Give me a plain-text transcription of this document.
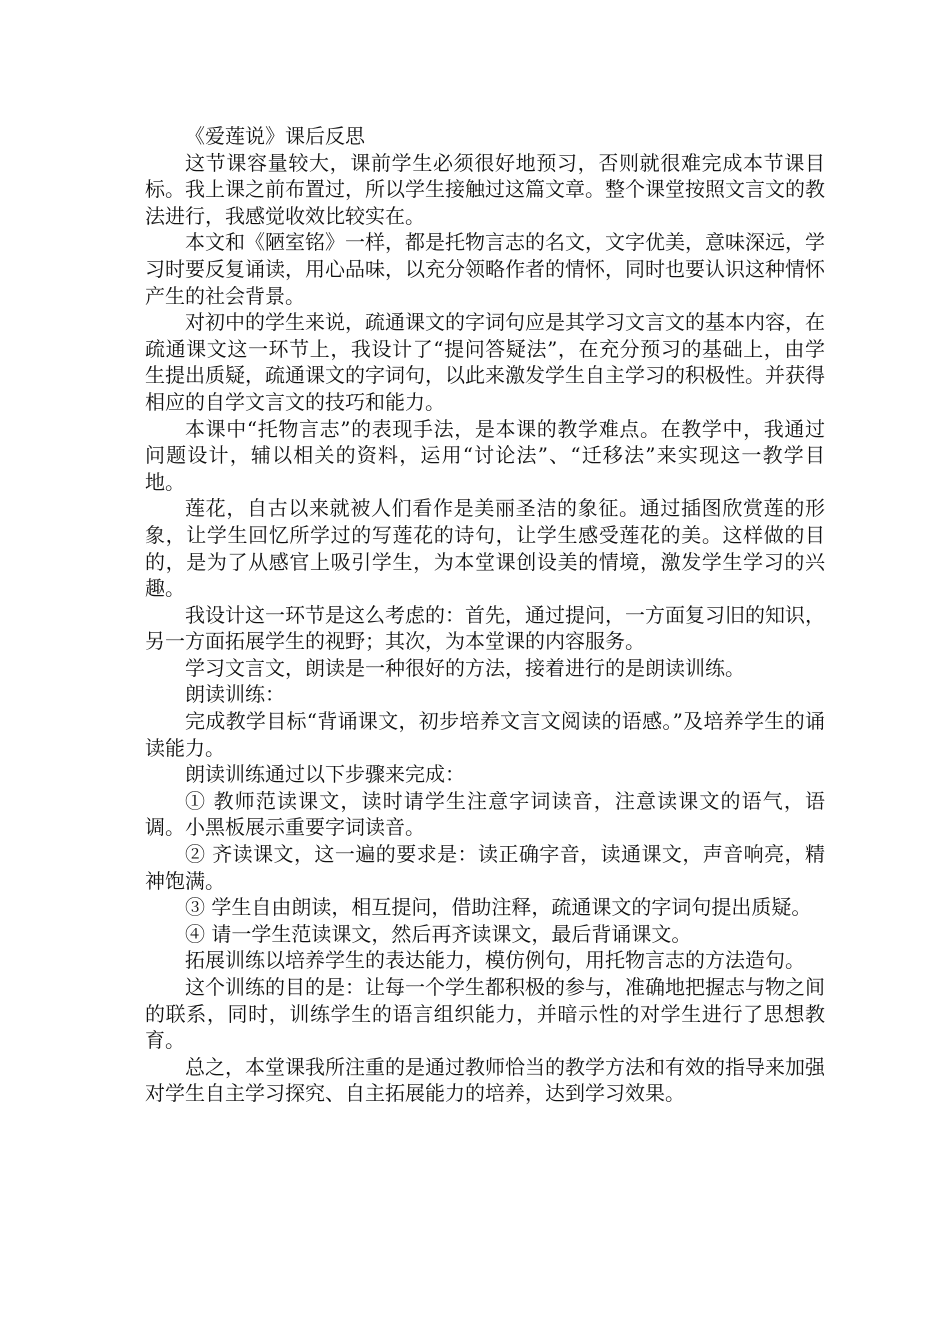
《爱莲说》课后反思

这节课容量较大，课前学生必须很好地预习，否则就很难完成本节课目标。我上课之前布置过，所以学生接触过这篇文章。整个课堂按照文言文的教法进行，我感觉收效比较实在。

本文和《陋室铭》一样，都是托物言志的名文，文字优美，意味深远，学习时要反复诵读，用心品味，以充分领略作者的情怀，同时也要认识这种情怀产生的社会背景。

对初中的学生来说，疏通课文的字词句应是其学习文言文的基本内容，在疏通课文这一环节上，我设计了“提问答疑法”，在充分预习的基础上，由学生提出质疑，疏通课文的字词句，以此来激发学生自主学习的积极性。并获得相应的自学文言文的技巧和能力。

本课中“托物言志”的表现手法，是本课的教学难点。在教学中，我通过问题设计，辅以相关的资料，运用“讨论法”、“迁移法”来实现这一教学目地。

莲花，自古以来就被人们看作是美丽圣洁的象征。通过插图欣赏莲的形象，让学生回忆所学过的写莲花的诗句，让学生感受莲花的美。这样做的目的，是为了从感官上吸引学生，为本堂课创设美的情境，激发学生学习的兴趣。

我设计这一环节是这么考虑的：首先，通过提问，一方面复习旧的知识，另一方面拓展学生的视野；其次，为本堂课的内容服务。

学习文言文，朗读是一种很好的方法，接着进行的是朗读训练。

朗读训练：

完成教学目标“背诵课文，初步培养文言文阅读的语感。”及培养学生的诵读能力。

朗读训练通过以下步骤来完成：

① 教师范读课文，读时请学生注意字词读音，注意读课文的语气，语调。小黑板展示重要字词读音。

② 齐读课文，这一遍的要求是：读正确字音，读通课文，声音响亮，精神饱满。

③ 学生自由朗读，相互提问，借助注释，疏通课文的字词句提出质疑。

④ 请一学生范读课文，然后再齐读课文，最后背诵课文。

拓展训练以培养学生的表达能力，模仿例句，用托物言志的方法造句。

这个训练的目的是：让每一个学生都积极的参与，准确地把握志与物之间的联系，同时，训练学生的语言组织能力，并暗示性的对学生进行了思想教育。

总之，本堂课我所注重的是通过教师恰当的教学方法和有效的指导来加强对学生自主学习探究、自主拓展能力的培养，达到学习效果。
